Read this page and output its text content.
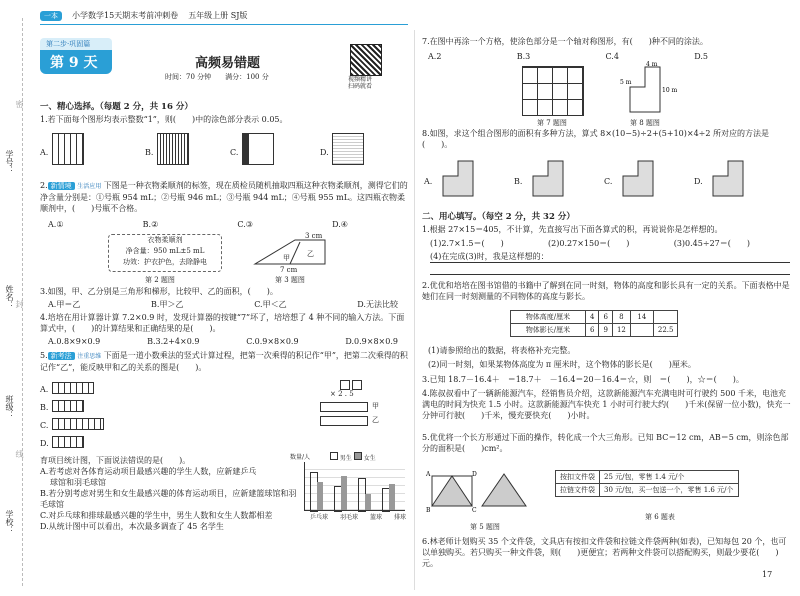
学号：
姓名：
班级：
学校：
密
封
线
一本	小学数学15天期末考前冲刺卷 五年级上册 SJ版
第二步·巩固篇
第 9 天	高频易错题
时间：70 分钟 满分：100 分	视频精讲
扫码就看
一、精心选择。（每题 2 分，共 16 分）
1.若下面每个图形均表示整数“1”，则(　　)中的涂色部分表示 0.05。
A.	B.	C.	D.
2. 新情境 生活应用 下图是一种衣物柔顺剂的标签，现在质检员随机抽取四瓶这种衣物柔顺剂，测得它们的净含量分别是：①号瓶 954 mL；②号瓶 946 mL；③号瓶 944 mL；④号瓶 955 mL。这四瓶衣物柔顺剂中，(　　)号瓶不合格。
A.①	B.②	C.③	D.④
衣物柔顺剂
净含量：950 mL±5 mL
功效：护衣护色，去除静电
第 2 题图
3 cm
7 cm
甲 乙
第 3 题图
3.如图，甲、乙分别是三角形和梯形，比较甲、乙的面积，(　　)。
A.甲＝乙	B.甲＞乙	C.甲＜乙	D.无法比较
4.培培在用计算器计算 7.2×0.9 时，发现计算器的按键“7”坏了，培培想了 4 种不同的输入方法。下面算式中，(　　)的计算结果和正确结果的是(　　)。
A.0.8×9×0.9	B.3.2+4×0.9	C.0.9×8×0.9	D.0.9×8×0.9
5. 新考法 注重思维 下面是一道小数乘法的竖式计算过程，把第一次乘得的积记作“甲”，把第二次乘得的积记作“乙”，能反映甲和乙的关系的图是(　　)。
A.
B.
C.
D.
× 2 . 5
甲
乙
育项目统计图，下面说法错误的是(　　)。
A.若考虑对各体育运动项目最感兴趣的学生人数，应新建乒乓
球馆和羽毛球馆
B.若分别考虑对男生和女生最感兴趣的体育运动项目，应新建篮球馆和羽毛球馆
C.对乒乓球和排球最感兴趣的学生中，男生人数和女生人数都相差
D.从统计图中可以看出，本次最多调查了 45 名学生
数量/人	男生 女生
乒乓球 羽毛球 篮球 排球
7.在图中再涂一个方格，使涂色部分是一个轴对称图形，有(　　)种不同的涂法。
A.2	B.3	C.4	D.5
第 7 题图
5 m
10 m
4 m
第 8 题图
8.如图，求这个组合图形的面积有多种方法，算式 8×(10−5)÷2+(5+10)×4÷2 所对应的方法是(　　)。
A.	B.	C.	D.
二、用心填写。（每空 2 分，共 32 分）
1.根据 27×15＝405，不计算，先直接写出下面各算式的积，再说说你是怎样想的。
(1)2.7×1.5＝(　　)	(2)0.27×150＝(　　)	(3)0.45÷27＝(　　)
(4)在完成(3)时，我是这样想的：
2.优优和培培在图书馆借的书籍中了解到在同一时刻，物体的高度和影长具有一定的关系。下面表格中是她们在同一时刻测量的不同物体的高度与影长。
物体高度/厘米	4	6	8	14	
物体影长/厘米	6	9	12		22.5
(1)请参照给出的数据，将表格补充完整。
(2)同一时刻，如果某物体高度为 π 厘米时，这个物体的影长是(　　)厘米。
3.已知 18.7－16.4＋　＝18.7＋　－16.4＝20－16.4＝☆，则　＝(　　)，☆＝(　　)。
4.陈叔叔看中了一辆新能源汽车，经销售员介绍，这款新能源汽车充满电时可行驶约 500 千米，电池充满电的时间为快充 1.5 小时。这款新能源汽车快充 1 小时可行驶大约(　　)千米(保留一位小数)，快充一分钟可行驶(　　)千米，慢充要快充(　　)小时。
5.优优将一个长方形通过下面的操作，转化成一个大三角形。已知 BC＝12 cm，AB＝5 cm，则涂色部分的面积是(　　)cm²。
A
B	C
D
第 5 题图
按扣文件袋	25 元/包，零售 1.4 元/个
拉链文件袋	30 元/包，买一包送一个，零售 1.6 元/个
第 6 题表
6.林老师计划购买 35 个文件袋，文具店有按扣文件袋和拉链文件袋两种(如表)，已知每包 20 个，也可以单独购买。若只购买一种文件袋，则(　　)更便宜；若两种文件袋可以搭配购买，则最少要花(　　)元。
17
